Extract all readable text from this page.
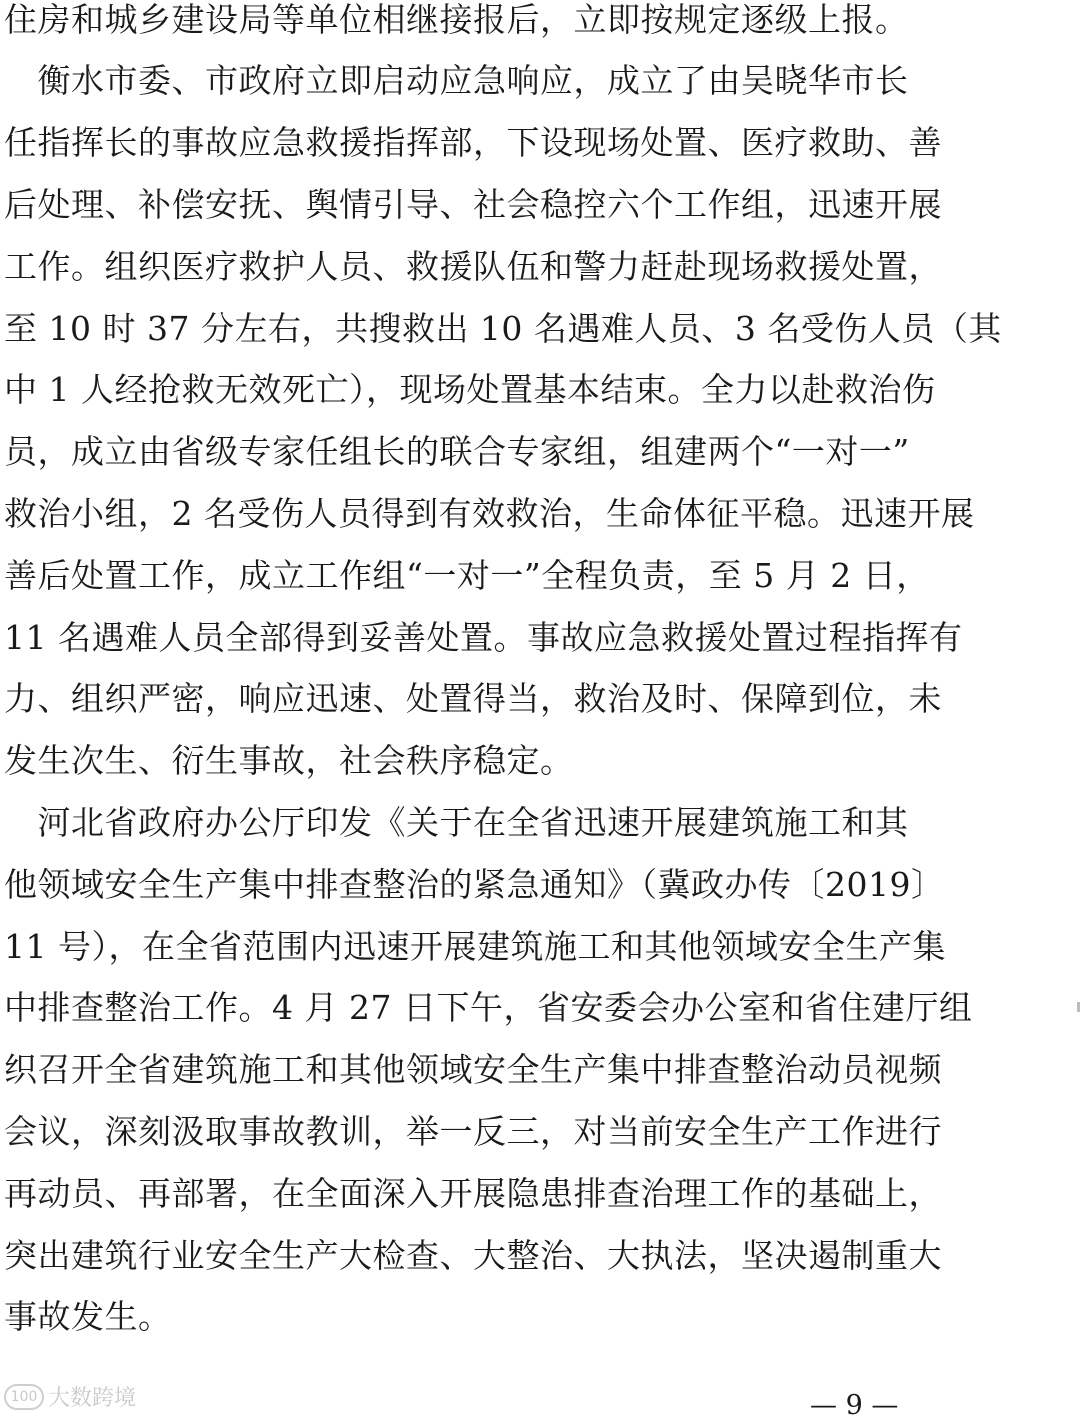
住房和城乡建设局等单位相继接报后，立即按规定逐级上报。
　衡水市委、市政府立即启动应急响应，成立了由吴晓华市长
任指挥长的事故应急救援指挥部，下设现场处置、医疗救助、善
后处理、补偿安抚、舆情引导、社会稳控六个工作组，迅速开展
工作。组织医疗救护人员、救援队伍和警力赶赴现场救援处置，
至 10 时 37 分左右，共搜救出 10 名遇难人员、3 名受伤人员（其
中 1 人经抢救无效死亡），现场处置基本结束。全力以赴救治伤
员，成立由省级专家任组长的联合专家组，组建两个“一对一”
救治小组，2 名受伤人员得到有效救治，生命体征平稳。迅速开展
善后处置工作，成立工作组“一对一”全程负责，至 5 月 2 日，
11 名遇难人员全部得到妥善处置。事故应急救援处置过程指挥有
力、组织严密，响应迅速、处置得当，救治及时、保障到位，未
发生次生、衍生事故，社会秩序稳定。
　河北省政府办公厅印发《关于在全省迅速开展建筑施工和其
他领域安全生产集中排查整治的紧急通知》（冀政办传〔2019〕
11 号），在全省范围内迅速开展建筑施工和其他领域安全生产集
中排查整治工作。4 月 27 日下午，省安委会办公室和省住建厅组
织召开全省建筑施工和其他领域安全生产集中排查整治动员视频
会议，深刻汲取事故教训，举一反三，对当前安全生产工作进行
再动员、再部署，在全面深入开展隐患排查治理工作的基础上，
突出建筑行业安全生产大检查、大整治、大执法，坚决遏制重大
事故发生。
100 大数跨境	— 9 —
